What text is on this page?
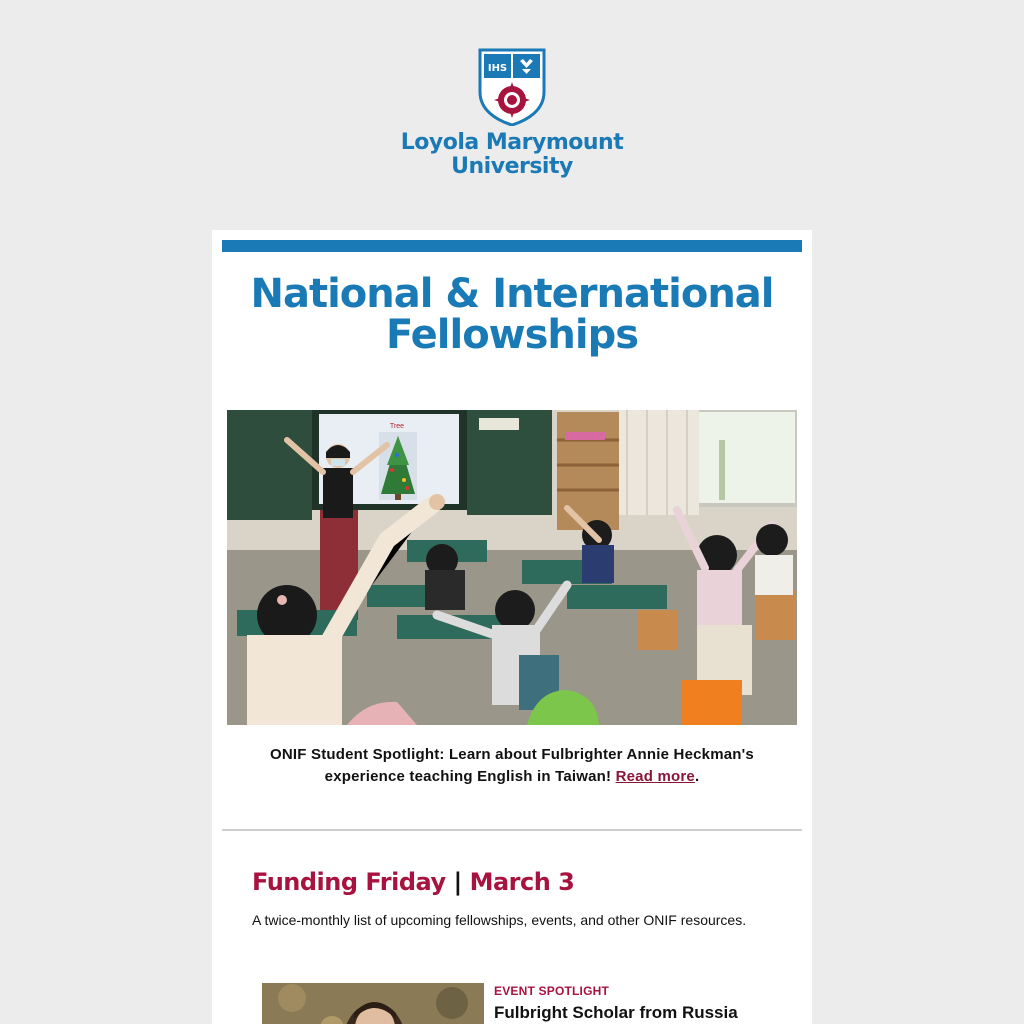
IHS
Loyola Marymount
University
National & International
Fellowships
Tree
ONIF Student Spotlight: Learn about Fulbrighter Annie Heckman's experience teaching English in Taiwan! Read more.
Funding Friday | March 3
A twice-monthly list of upcoming fellowships, events, and other ONIF resources.
EVENT SPOTLIGHT
Fulbright Scholar from Russia
